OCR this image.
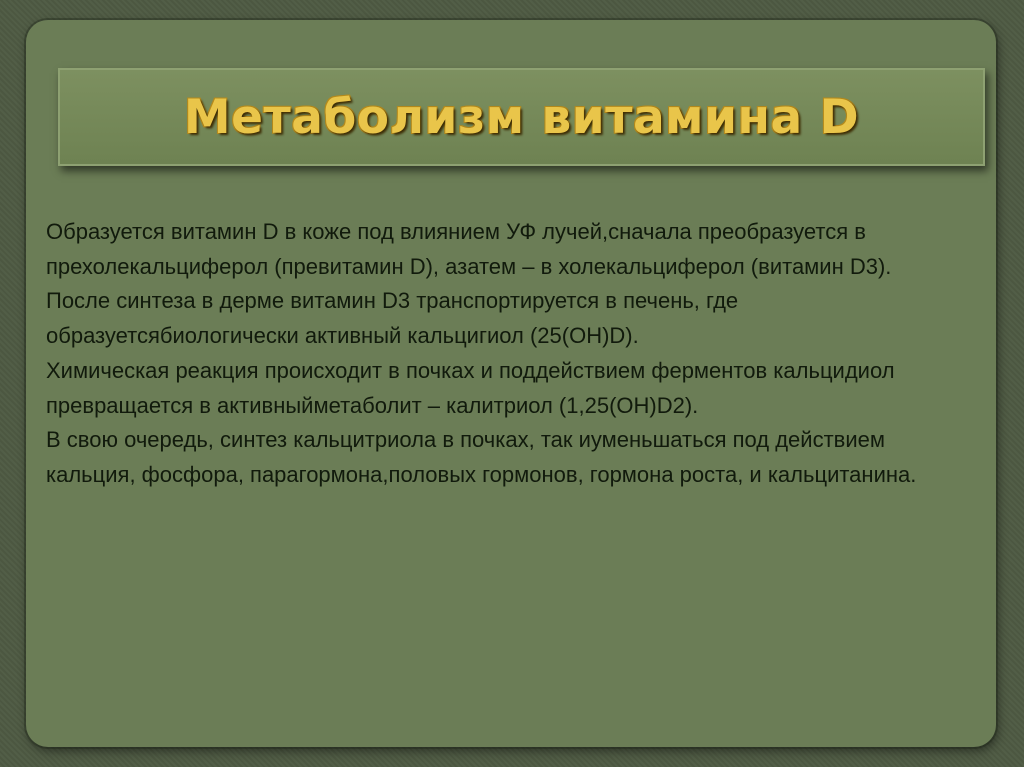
Метаболизм витамина D

Образуется витамин D в коже под влиянием УФ лучей,сначала преобразуется в прехолекальциферол (превитамин D), азатем – в холекальциферол (витамин D3).

После синтеза в дерме витамин D3 транспортируется в печень, где образуетсябиологически активный кальцигиол (25(OH)D).

Химическая реакция происходит в почках и поддействием ферментов кальцидиол превращается в активныйметаболит – калитриол (1,25(OH)D2).

В свою очередь, синтез кальцитриола в почках, так иуменьшаться под действием кальция, фосфора, парагормона,половых гормонов, гормона роста, и кальцитанина.
